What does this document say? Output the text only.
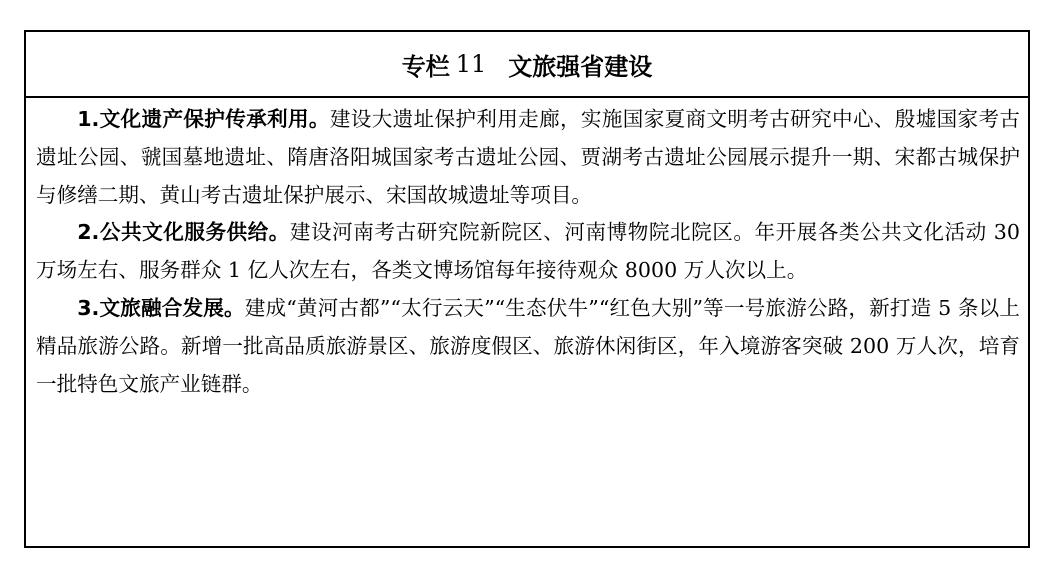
专栏 11 文旅强省建设

1.文化遗产保护传承利用。建设大遗址保护利用走廊，实施国家夏商文明考古研究中心、殷墟国家考古遗址公园、虢国墓地遗址、隋唐洛阳城国家考古遗址公园、贾湖考古遗址公园展示提升一期、宋都古城保护与修缮二期、黄山考古遗址保护展示、宋国故城遗址等项目。

2.公共文化服务供给。建设河南考古研究院新院区、河南博物院北院区。年开展各类公共文化活动 30 万场左右、服务群众 1 亿人次左右，各类文博场馆每年接待观众 8000 万人次以上。

3.文旅融合发展。建成“黄河古都”“太行云天”“生态伏牛”“红色大别”等一号旅游公路，新打造 5 条以上精品旅游公路。新增一批高品质旅游景区、旅游度假区、旅游休闲街区，年入境游客突破 200 万人次，培育一批特色文旅产业链群。
